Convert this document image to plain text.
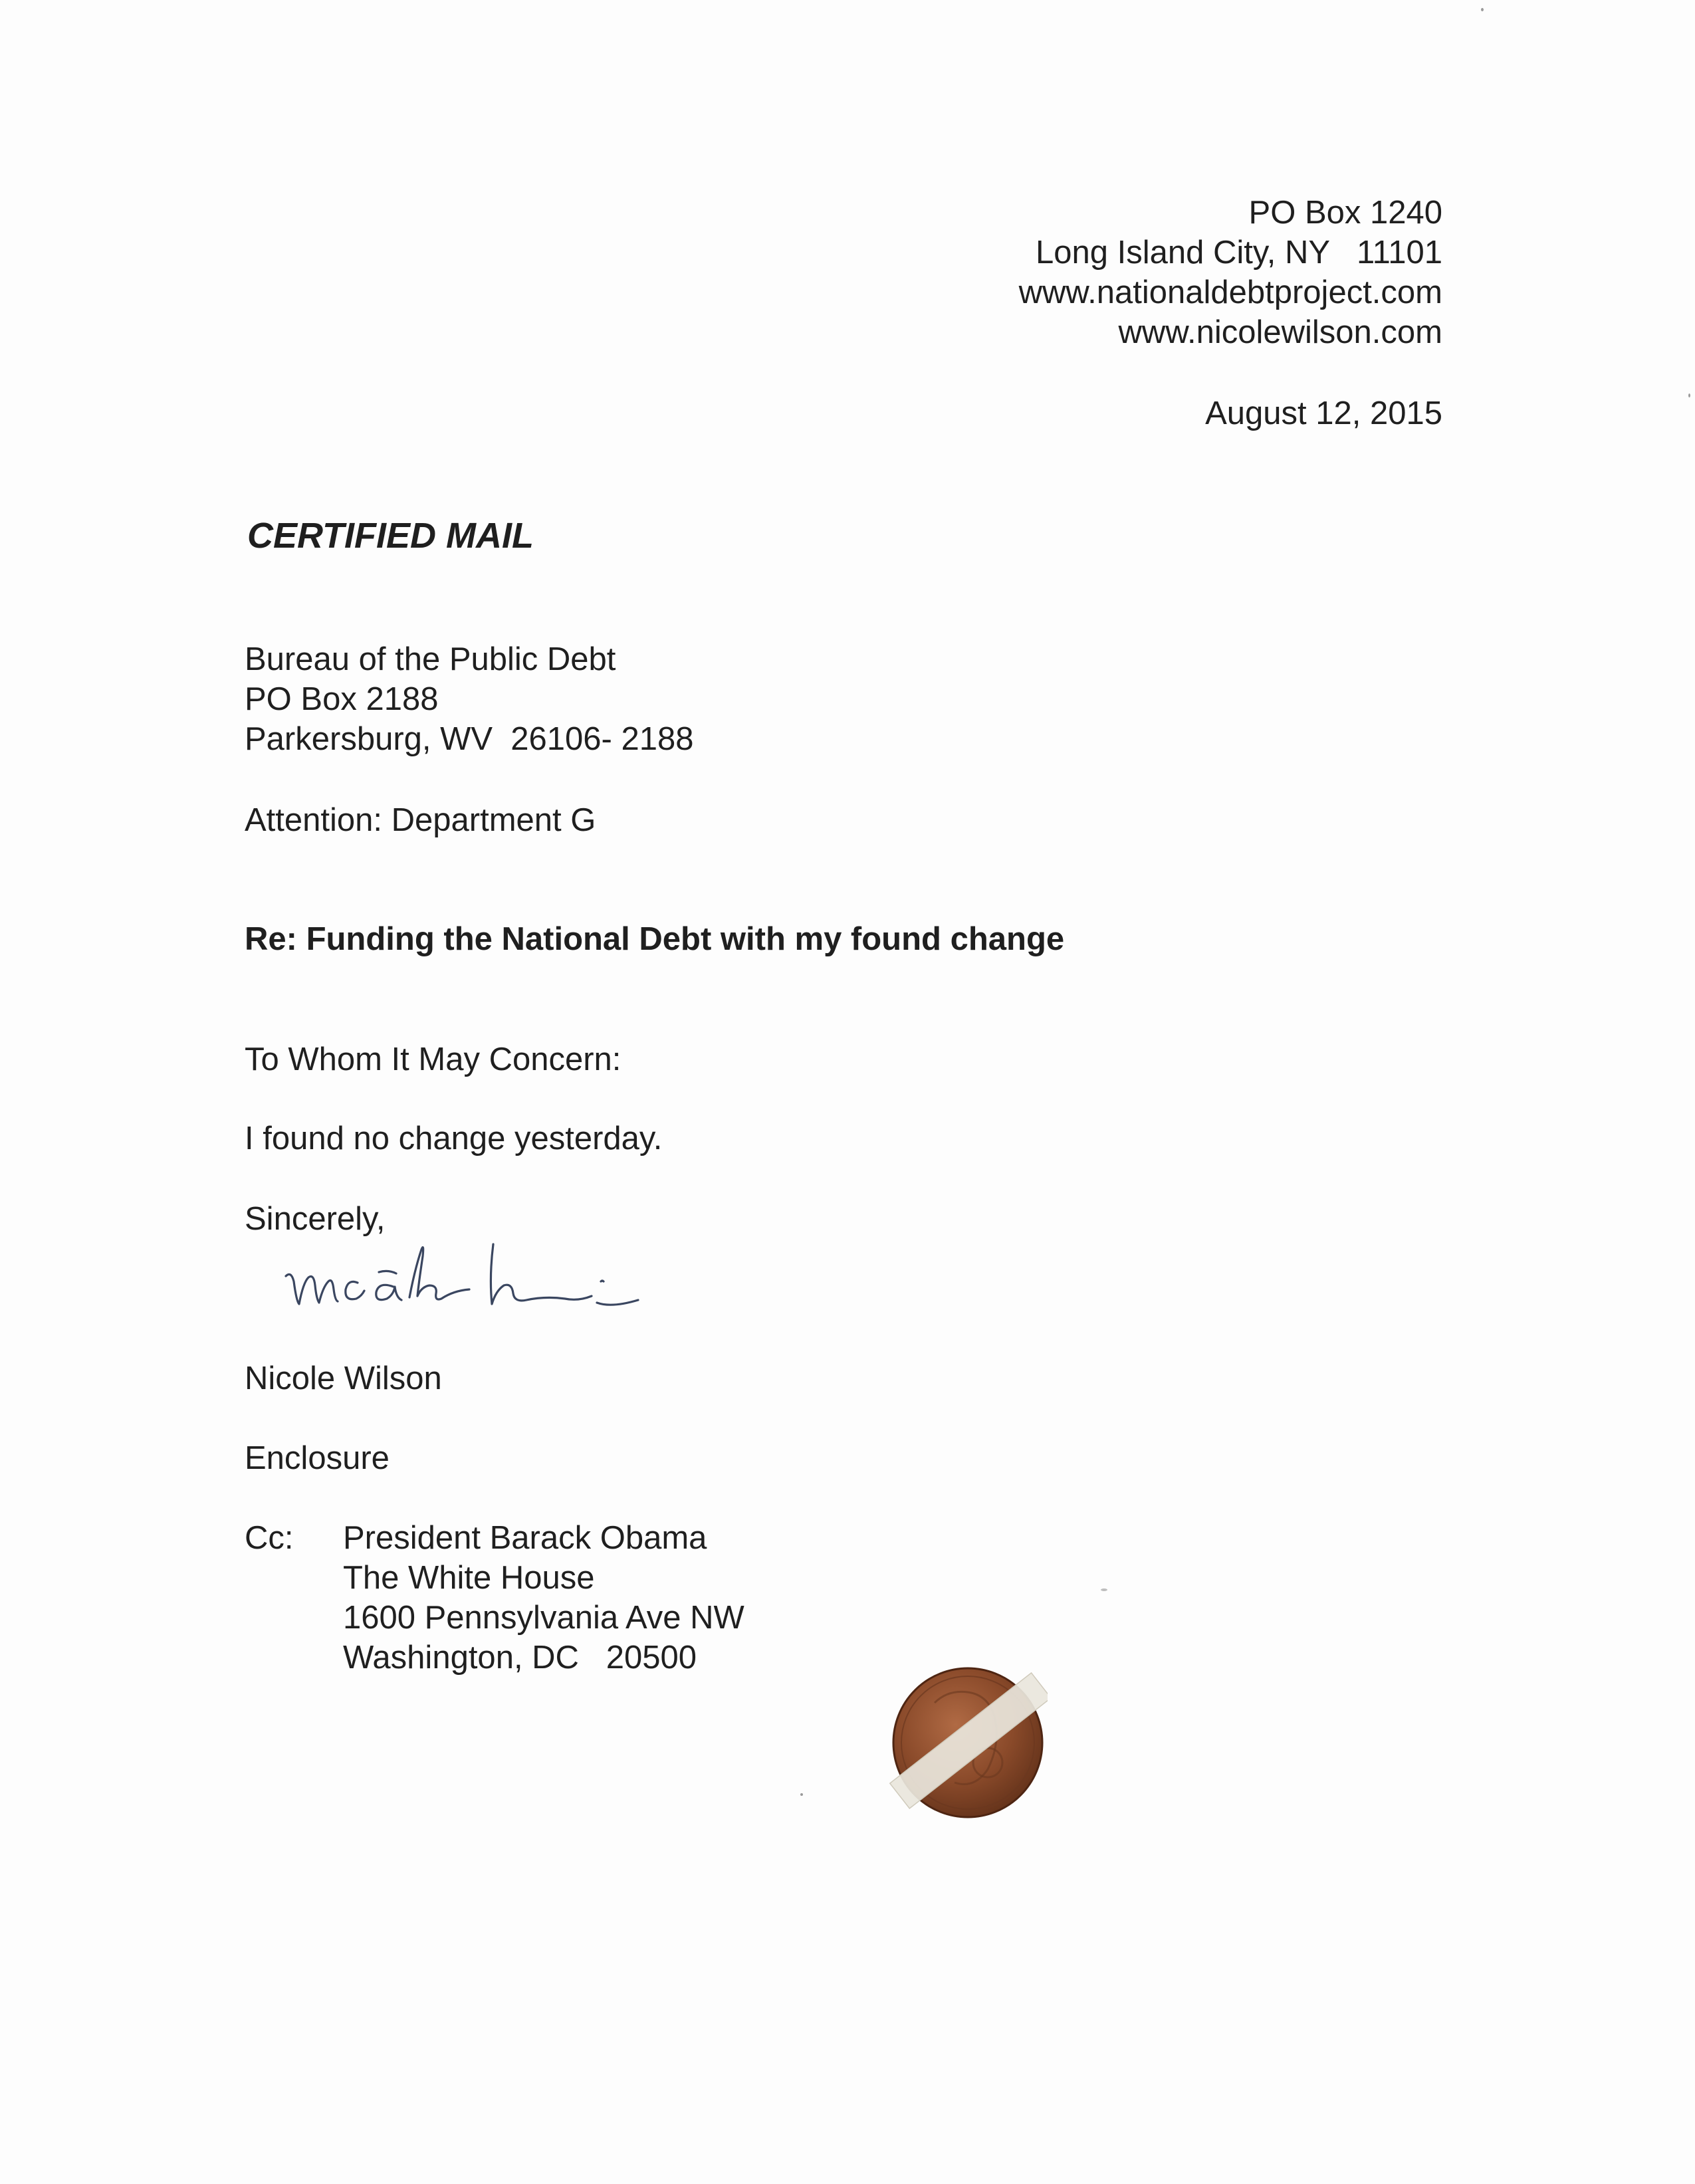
PO Box 1240
Long Island City, NY   11101
www.nationaldebtproject.com
www.nicolewilson.com
August 12, 2015
CERTIFIED MAIL
Bureau of the Public Debt
PO Box 2188
Parkersburg, WV  26106- 2188
Attention: Department G
Re: Funding the National Debt with my found change
To Whom It May Concern:
I found no change yesterday.
Sincerely,
Nicole Wilson
Enclosure
Cc: President Barack Obama
The White House
1600 Pennsylvania Ave NW
Washington, DC   20500
